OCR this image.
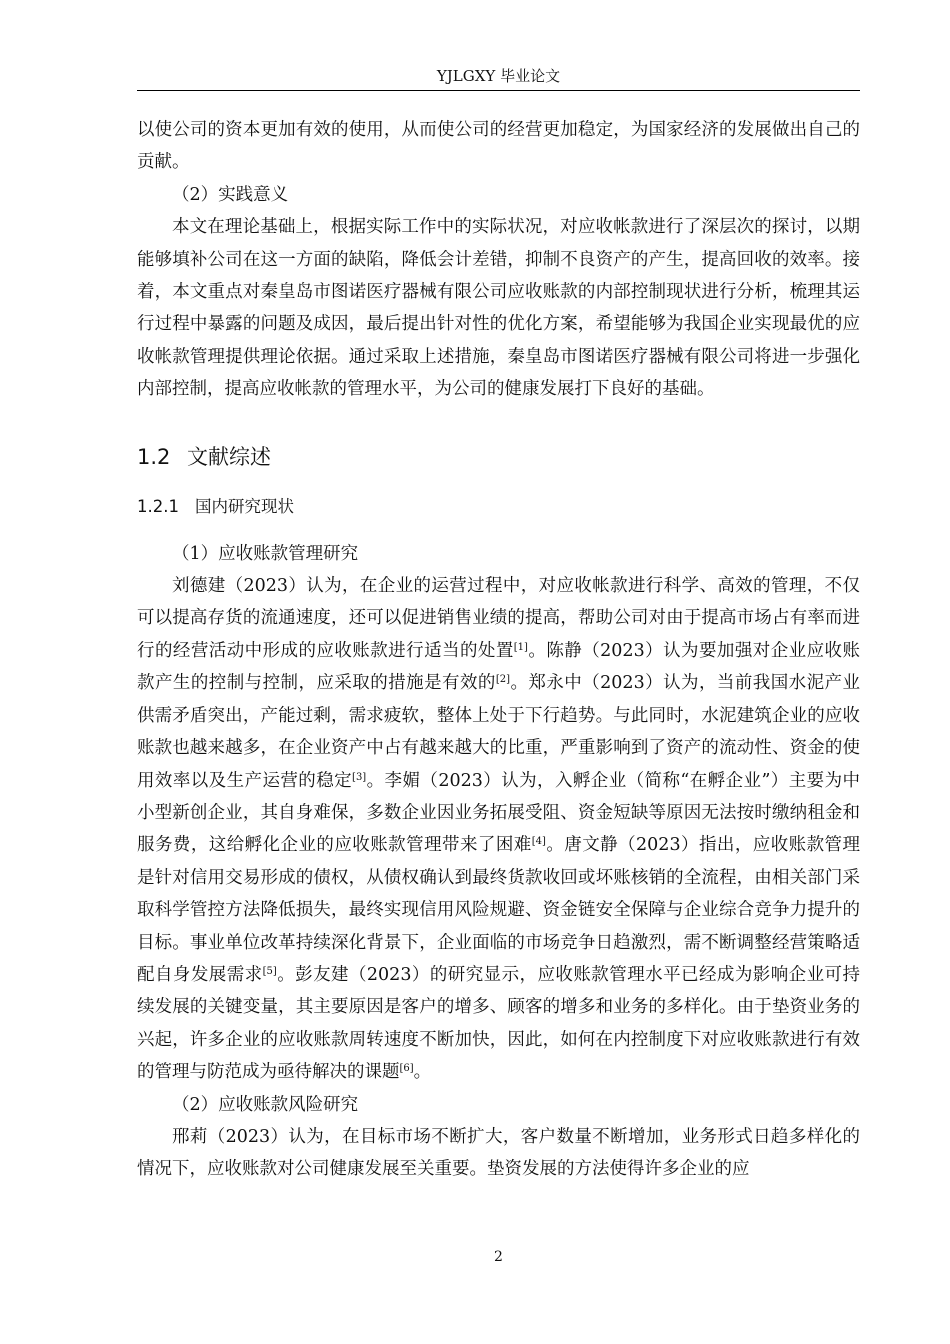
YJLGXY 毕业论文

以使公司的资本更加有效的使用，从而使公司的经营更加稳定，为国家经济的发展做出自己的贡献。

（2）实践意义

本文在理论基础上，根据实际工作中的实际状况，对应收帐款进行了深层次的探讨，以期能够填补公司在这一方面的缺陷，降低会计差错，抑制不良资产的产生，提高回收的效率。接着，本文重点对秦皇岛市图诺医疗器械有限公司应收账款的内部控制现状进行分析，梳理其运行过程中暴露的问题及成因，最后提出针对性的优化方案，希望能够为我国企业实现最优的应收帐款管理提供理论依据。通过采取上述措施，秦皇岛市图诺医疗器械有限公司将进一步强化内部控制，提高应收帐款的管理水平，为公司的健康发展打下良好的基础。

1.2 文献综述
1.2.1 国内研究现状

（1）应收账款管理研究

刘德建（2023）认为，在企业的运营过程中，对应收帐款进行科学、高效的管理，不仅可以提高存货的流通速度，还可以促进销售业绩的提高，帮助公司对由于提高市场占有率而进行的经营活动中形成的应收账款进行适当的处置[1]。陈静（2023）认为要加强对企业应收账款产生的控制与控制，应采取的措施是有效的[2]。郑永中（2023）认为，当前我国水泥产业供需矛盾突出，产能过剩，需求疲软，整体上处于下行趋势。与此同时，水泥建筑企业的应收账款也越来越多，在企业资产中占有越来越大的比重，严重影响到了资产的流动性、资金的使用效率以及生产运营的稳定[3]。李媚（2023）认为，入孵企业（简称“在孵企业”）主要为中小型新创企业，其自身难保，多数企业因业务拓展受阻、资金短缺等原因无法按时缴纳租金和服务费，这给孵化企业的应收账款管理带来了困难[4]。唐文静（2023）指出，应收账款管理是针对信用交易形成的债权，从债权确认到最终货款收回或坏账核销的全流程，由相关部门采取科学管控方法降低损失，最终实现信用风险规避、资金链安全保障与企业综合竞争力提升的目标。事业单位改革持续深化背景下，企业面临的市场竞争日趋激烈，需不断调整经营策略适配自身发展需求[5]。彭友建（2023）的研究显示，应收账款管理水平已经成为影响企业可持续发展的关键变量，其主要原因是客户的增多、顾客的增多和业务的多样化。由于垫资业务的兴起，许多企业的应收账款周转速度不断加快，因此，如何在内控制度下对应收账款进行有效的管理与防范成为亟待解决的课题[6]。

（2）应收账款风险研究

邢莉（2023）认为，在目标市场不断扩大，客户数量不断增加，业务形式日趋多样化的情况下，应收账款对公司健康发展至关重要。垫资发展的方法使得许多企业的应

2
